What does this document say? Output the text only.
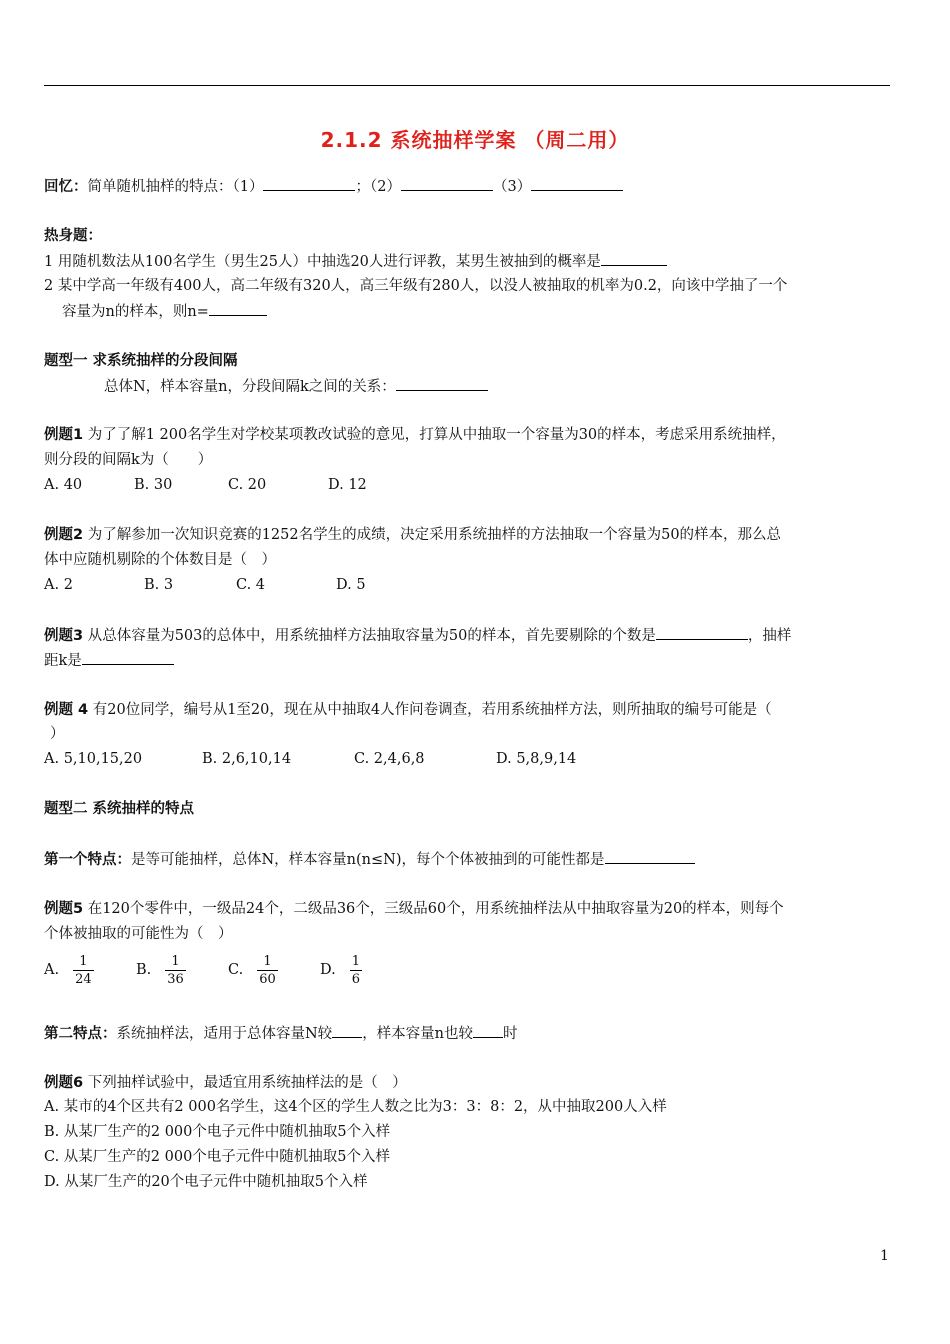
2.1.2 系统抽样学案 （周二用）
回忆：简单随机抽样的特点：（1）	；（2）	（3）
热身题：
1 用随机数法从100名学生（男生25人）中抽选20人进行评教，某男生被抽到的概率是
2 某中学高一年级有400人，高二年级有320人，高三年级有280人，以没人被抽取的机率为0.2，向该中学抽了一个
容量为n的样本，则n=
题型一 求系统抽样的分段间隔
总体N，样本容量n，分段间隔k之间的关系：
例题1 为了了解1 200名学生对学校某项教改试验的意见，打算从中抽取一个容量为30的样本，考虑采用系统抽样，
则分段的间隔k为（　　）
A. 40	B. 30	C. 20	D. 12
例题2 为了解参加一次知识竞赛的1252名学生的成绩，决定采用系统抽样的方法抽取一个容量为50的样本，那么总
体中应随机剔除的个体数目是（　）
A. 2	B. 3	C. 4	D. 5
例题3 从总体容量为503的总体中，用系统抽样方法抽取容量为50的样本，首先要剔除的个数是	，抽样
距k是
例题 4 有20位同学，编号从1至20，现在从中抽取4人作问卷调查，若用系统抽样方法，则所抽取的编号可能是（
）
A. 5,10,15,20	B. 2,6,10,14	C. 2,4,6,8	D. 5,8,9,14
题型二 系统抽样的特点
第一个特点：是等可能抽样，总体N，样本容量n(n≤N)，每个个体被抽到的可能性都是
例题5 在120个零件中，一级品24个，二级品36个，三级品60个，用系统抽样法从中抽取容量为20的样本，则每个
个体被抽取的可能性为（　）
A. $\frac{1}{24}$	B. $\frac{1}{36}$	C. $\frac{1}{60}$	D. $\frac{1}{6}$
第二特点：系统抽样法，适用于总体容量N较 ，样本容量n也较 时
例题6 下列抽样试验中，最适宜用系统抽样法的是（　）
A. 某市的4个区共有2 000名学生，这4个区的学生人数之比为3：3：8：2，从中抽取200人入样
B. 从某厂生产的2 000个电子元件中随机抽取5个入样
C. 从某厂生产的2 000个电子元件中随机抽取5个入样
D. 从某厂生产的20个电子元件中随机抽取5个入样
1
